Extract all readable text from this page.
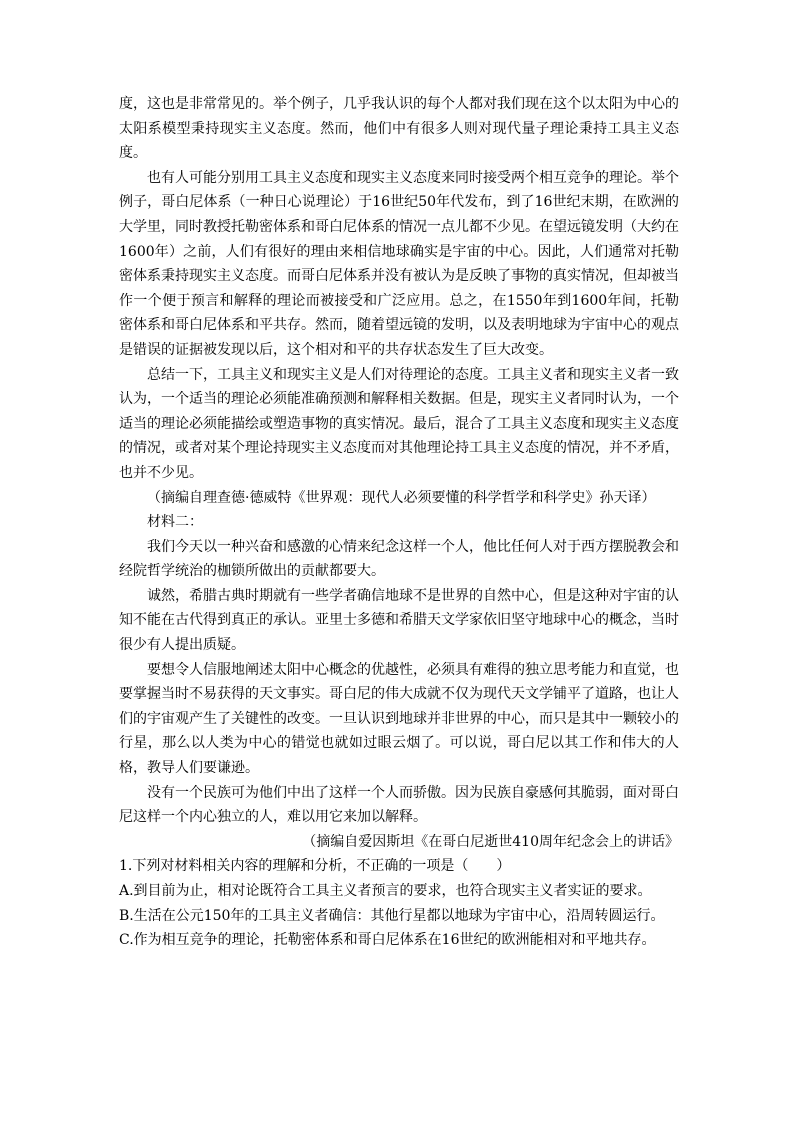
度，这也是非常常见的。举个例子，几乎我认识的每个人都对我们现在这个以太阳为中心的太阳系模型秉持现实主义态度。然而，他们中有很多人则对现代量子理论秉持工具主义态度。

也有人可能分别用工具主义态度和现实主义态度来同时接受两个相互竞争的理论。举个例子，哥白尼体系（一种日心说理论）于16世纪50年代发布，到了16世纪末期，在欧洲的大学里，同时教授托勒密体系和哥白尼体系的情况一点儿都不少见。在望远镜发明（大约在1600年）之前，人们有很好的理由来相信地球确实是宇宙的中心。因此，人们通常对托勒密体系秉持现实主义态度。而哥白尼体系并没有被认为是反映了事物的真实情况，但却被当作一个便于预言和解释的理论而被接受和广泛应用。总之，在1550年到1600年间，托勒密体系和哥白尼体系和平共存。然而，随着望远镜的发明，以及表明地球为宇宙中心的观点是错误的证据被发现以后，这个相对和平的共存状态发生了巨大改变。

总结一下，工具主义和现实主义是人们对待理论的态度。工具主义者和现实主义者一致认为，一个适当的理论必须能准确预测和解释相关数据。但是，现实主义者同时认为，一个适当的理论必须能描绘或塑造事物的真实情况。最后，混合了工具主义态度和现实主义态度的情况，或者对某个理论持现实主义态度而对其他理论持工具主义态度的情况，并不矛盾，也并不少见。

（摘编自理查德·德威特《世界观：现代人必须要懂的科学哲学和科学史》孙天译）

材料二：

我们今天以一种兴奋和感激的心情来纪念这样一个人，他比任何人对于西方摆脱教会和经院哲学统治的枷锁所做出的贡献都要大。

诚然，希腊古典时期就有一些学者确信地球不是世界的自然中心，但是这种对宇宙的认知不能在古代得到真正的承认。亚里士多德和希腊天文学家依旧坚守地球中心的概念，当时很少有人提出质疑。

要想令人信服地阐述太阳中心概念的优越性，必须具有难得的独立思考能力和直觉，也要掌握当时不易获得的天文事实。哥白尼的伟大成就不仅为现代天文学铺平了道路，也让人们的宇宙观产生了关键性的改变。一旦认识到地球并非世界的中心，而只是其中一颗较小的行星，那么以人类为中心的错觉也就如过眼云烟了。可以说，哥白尼以其工作和伟大的人格，教导人们要谦逊。

没有一个民族可为他们中出了这样一个人而骄傲。因为民族自豪感何其脆弱，面对哥白尼这样一个内心独立的人，难以用它来加以解释。

（摘编自爱因斯坦《在哥白尼逝世410周年纪念会上的讲话》

1.下列对材料相关内容的理解和分析，不正确的一项是（　　）

A.到目前为止，相对论既符合工具主义者预言的要求，也符合现实主义者实证的要求。

B.生活在公元150年的工具主义者确信：其他行星都以地球为宇宙中心，沿周转圆运行。

C.作为相互竞争的理论，托勒密体系和哥白尼体系在16世纪的欧洲能相对和平地共存。
